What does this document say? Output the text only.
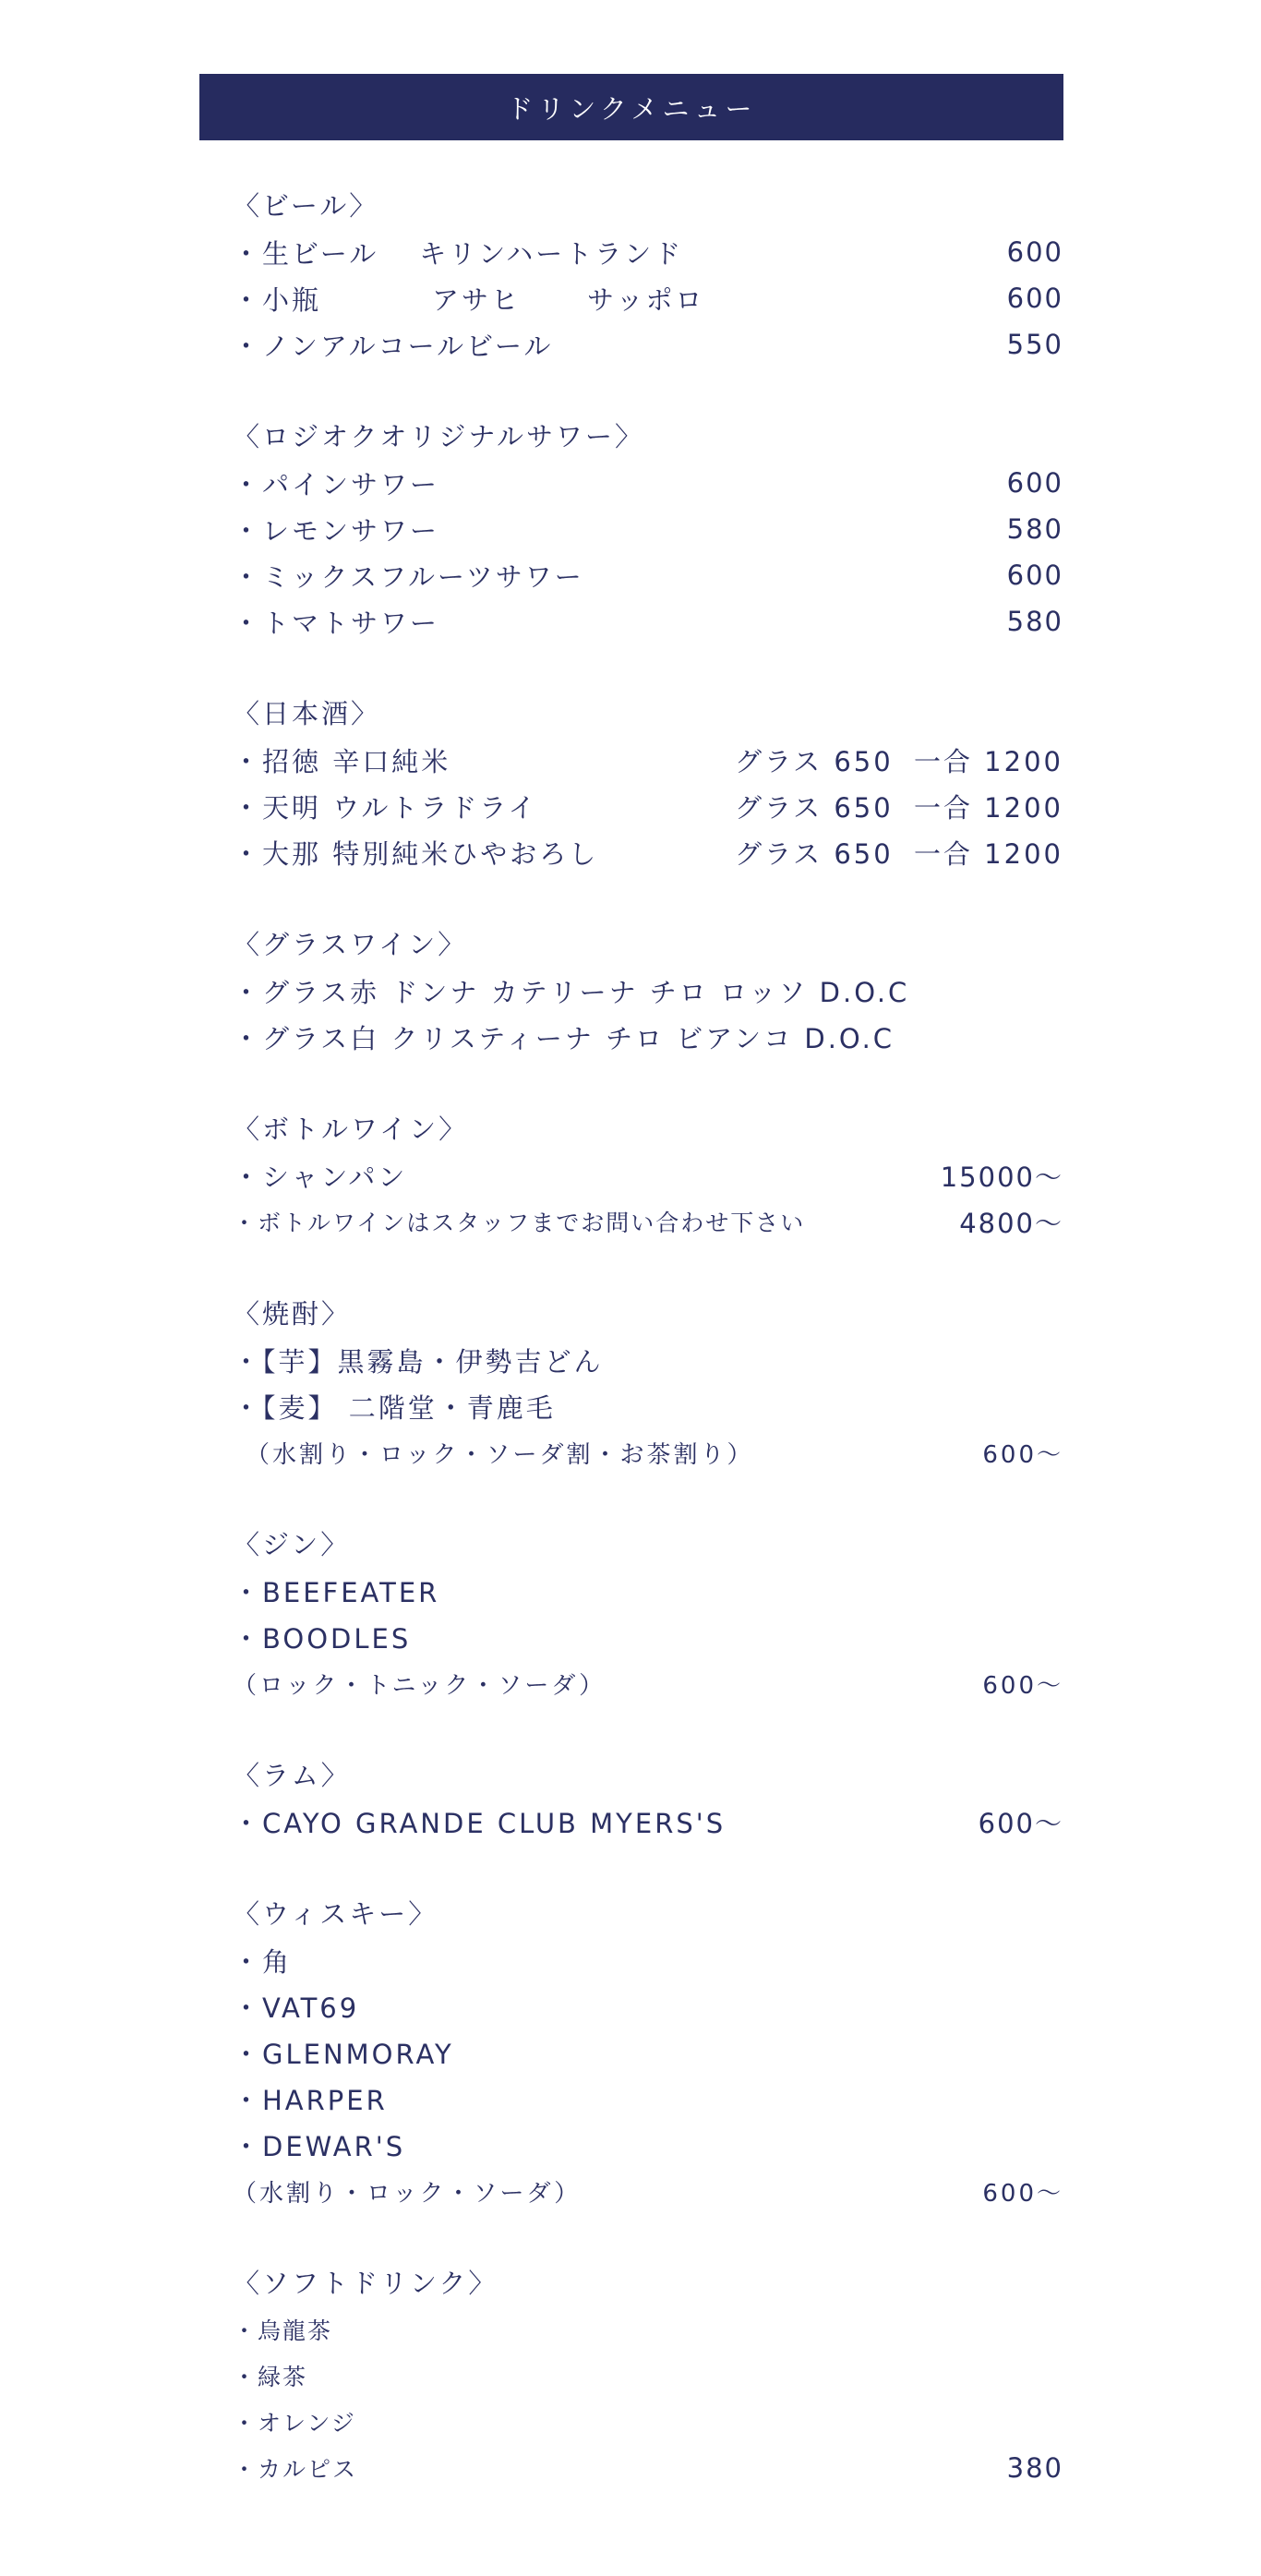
ドリンクメニュー
〈ビール〉
・生ビール キリンハートランド	600
・小瓶	アサヒ サッポロ	600
・ノンアルコールビール	550
〈ロジオクオリジナルサワー〉
・パインサワー	600
・レモンサワー	580
・ミックスフルーツサワー	600
・トマトサワー	580
〈日本酒〉
・招徳 辛口純米	グラス 650 一合 1200
・天明 ウルトラドライ	グラス 650 一合 1200
・大那 特別純米ひやおろし	グラス 650 一合 1200
〈グラスワイン〉
・グラス赤 ドンナ カテリーナ チロ ロッソ D.O.C
・グラス白 クリスティーナ チロ ビアンコ D.O.C
〈ボトルワイン〉
・シャンパン	15000～
・ボトルワインはスタッフまでお問い合わせ下さい	4800～
〈焼酎〉
・【芋】黒霧島・伊勢吉どん
・【麦】 二階堂・青鹿毛
（水割り・ロック・ソーダ割・お茶割り）	600～
〈ジン〉
・BEEFEATER
・BOODLES
（ロック・トニック・ソーダ）	600～
〈ラム〉
・CAYO GRANDE CLUB MYERS'S	600～
〈ウィスキー〉
・角
・VAT69
・GLENMORAY
・HARPER
・DEWAR'S
（水割り・ロック・ソーダ）	600～
〈ソフトドリンク〉
・烏龍茶
・緑茶
・オレンジ
・カルピス	380
